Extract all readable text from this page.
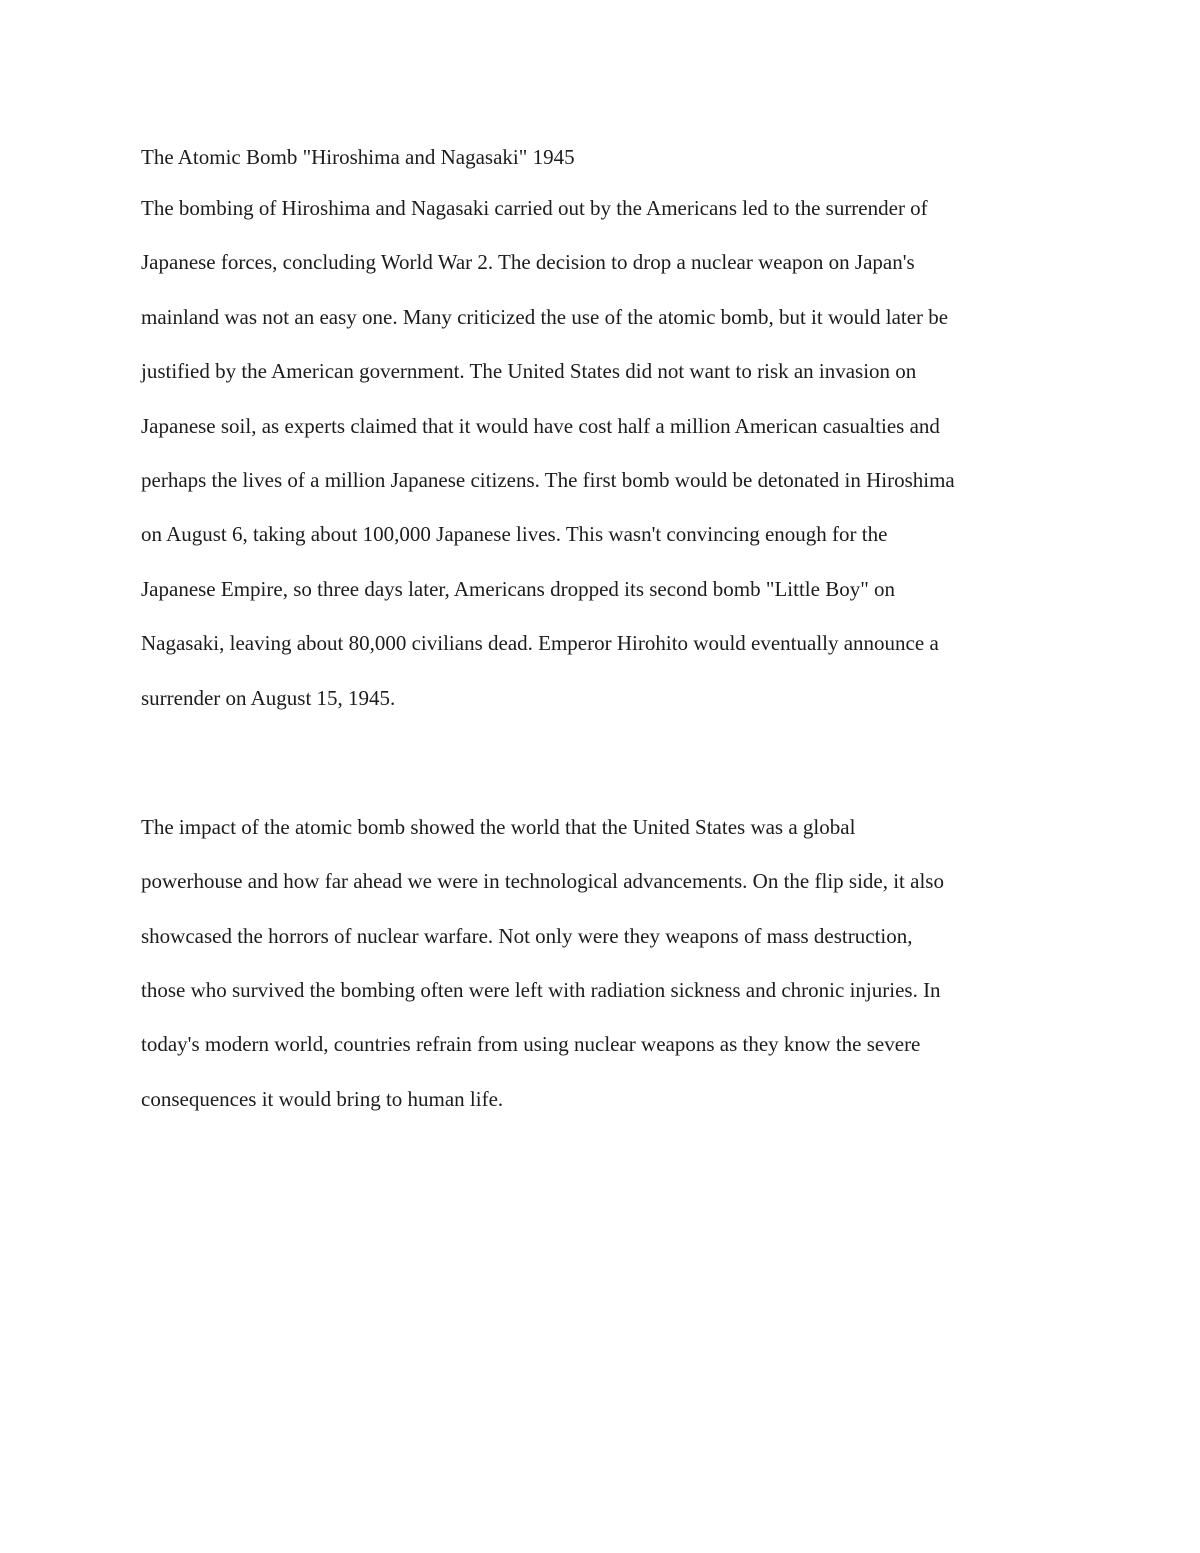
The Atomic Bomb "Hiroshima and Nagasaki" 1945
The bombing of Hiroshima and Nagasaki carried out by the Americans led to the surrender of
Japanese forces, concluding World War 2. The decision to drop a nuclear weapon on Japan's
mainland was not an easy one. Many criticized the use of the atomic bomb, but it would later be
justified by the American government. The United States did not want to risk an invasion on
Japanese soil, as experts claimed that it would have cost half a million American casualties and
perhaps the lives of a million Japanese citizens. The first bomb would be detonated in Hiroshima
on August 6, taking about 100,000 Japanese lives. This wasn't convincing enough for the
Japanese Empire, so three days later, Americans dropped its second bomb "Little Boy" on
Nagasaki, leaving about 80,000 civilians dead. Emperor Hirohito would eventually announce a
surrender on August 15, 1945.
The impact of the atomic bomb showed the world that the United States was a global
powerhouse and how far ahead we were in technological advancements. On the flip side, it also
showcased the horrors of nuclear warfare. Not only were they weapons of mass destruction,
those who survived the bombing often were left with radiation sickness and chronic injuries. In
today's modern world, countries refrain from using nuclear weapons as they know the severe
consequences it would bring to human life.
